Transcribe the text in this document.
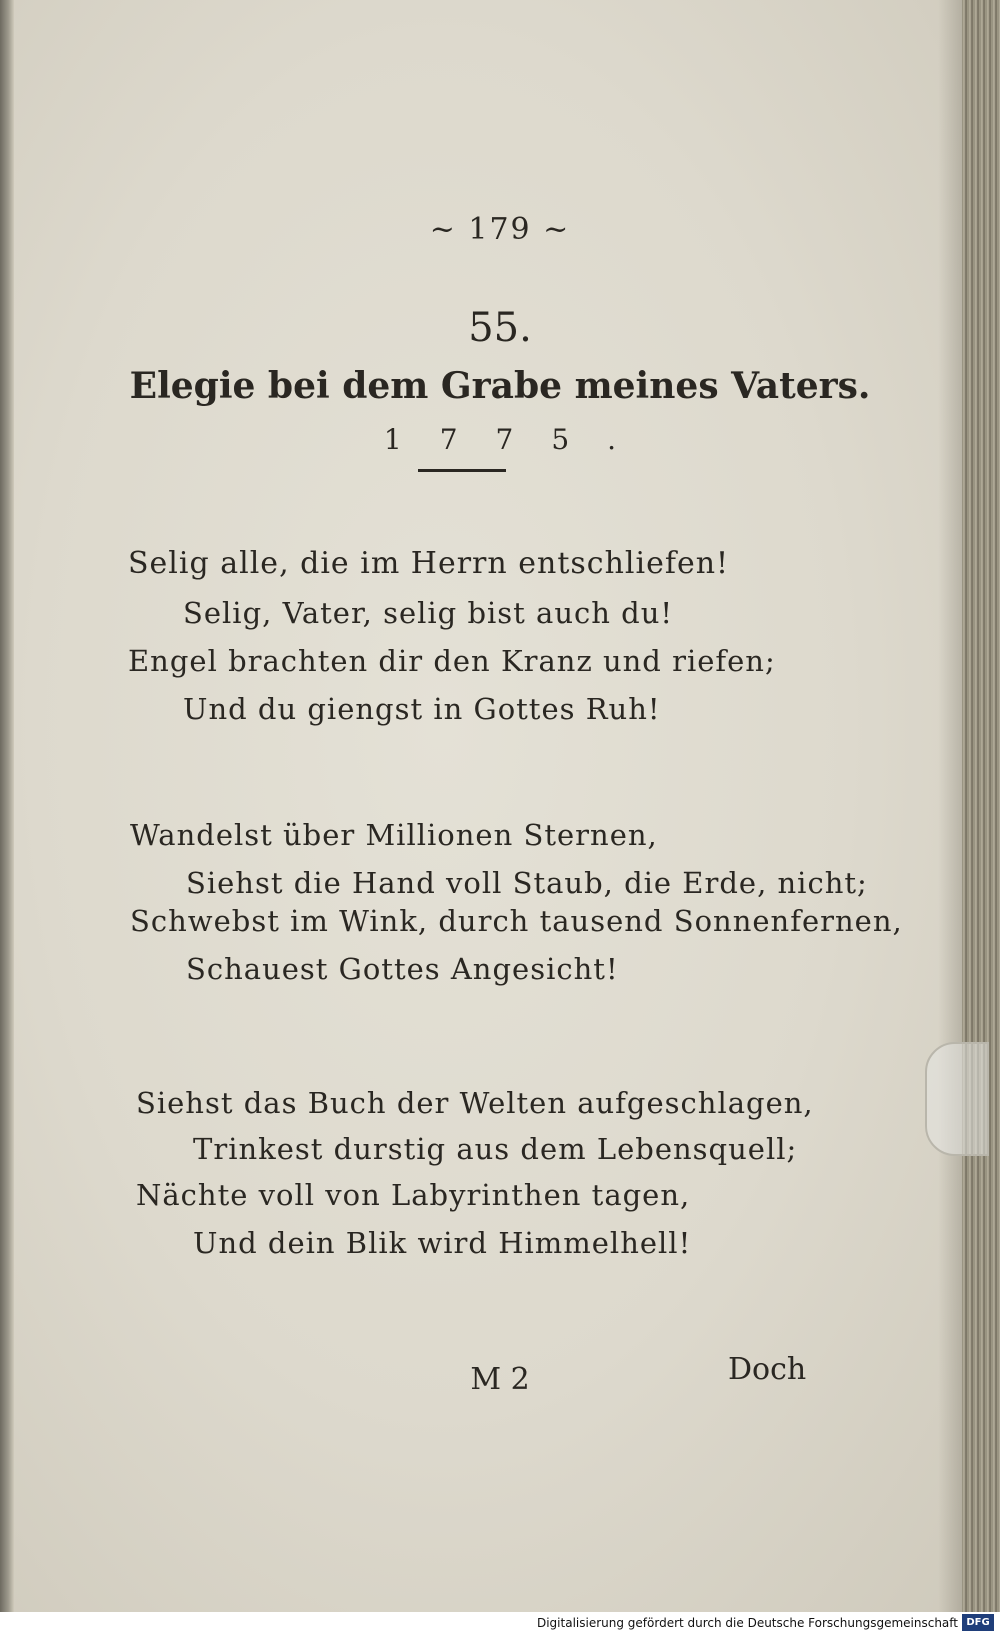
~ 179 ~
55.
Elegie bei dem Grabe meines Vaters.
1775.
Selig alle, die im Herrn entschliefen!
Selig, Vater, selig bist auch du!
Engel brachten dir den Kranz und riefen;
Und du giengst in Gottes Ruh!
Wandelst über Millionen Sternen,
Siehst die Hand voll Staub, die Erde, nicht;
Schwebst im Wink, durch tausend Sonnenfernen,
Schauest Gottes Angesicht!
Siehst das Buch der Welten aufgeschlagen,
Trinkest durstig aus dem Lebensquell;
Nächte voll von Labyrinthen tagen,
Und dein Blik wird Himmelhell!
M 2	Doch
Digitalisierung gefördert durch die Deutsche Forschungsgemeinschaft DFG
